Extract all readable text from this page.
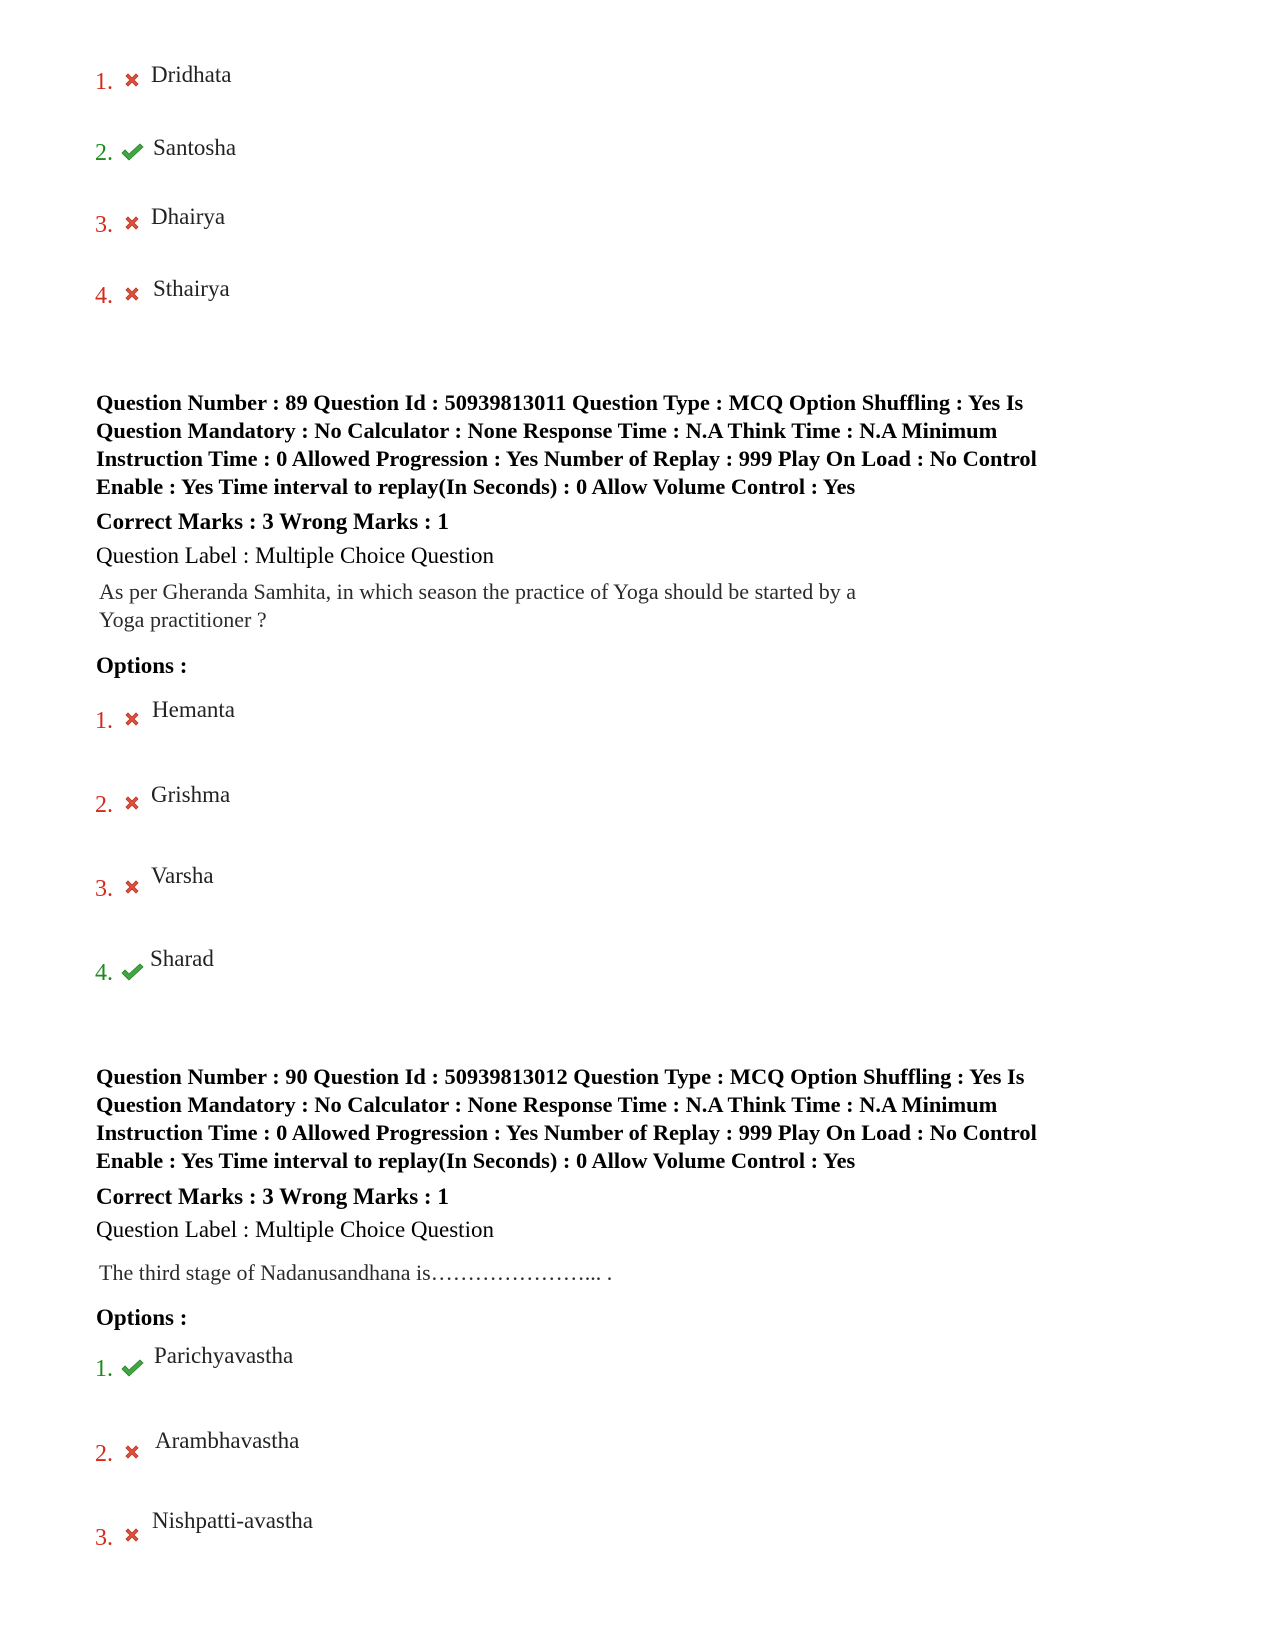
1. Dridhata
2. Santosha
3. Dhairya
4. Sthairya
Question Number : 89 Question Id : 50939813011 Question Type : MCQ Option Shuffling : Yes Is
Question Mandatory : No Calculator : None Response Time : N.A Think Time : N.A Minimum
Instruction Time : 0 Allowed Progression : Yes Number of Replay : 999 Play On Load : No Control
Enable : Yes Time interval to replay(In Seconds) : 0 Allow Volume Control : Yes
Correct Marks : 3 Wrong Marks : 1
Question Label : Multiple Choice Question
As per Gheranda Samhita, in which season the practice of Yoga should be started by a
Yoga practitioner ?
Options :
1. Hemanta
2. Grishma
3.
Varsha
4.
Sharad
Question Number : 90 Question Id : 50939813012 Question Type : MCQ Option Shuffling : Yes Is
Question Mandatory : No Calculator : None Response Time : N.A Think Time : N.A Minimum
Instruction Time : 0 Allowed Progression : Yes Number of Replay : 999 Play On Load : No Control
Enable : Yes Time interval to replay(In Seconds) : 0 Allow Volume Control : Yes
Correct Marks : 3 Wrong Marks : 1
Question Label : Multiple Choice Question
The third stage of Nadanusandhana is…………………... .
Options :
1.
Parichyavastha
2.
Arambhavastha
3.
Nishpatti-avastha
